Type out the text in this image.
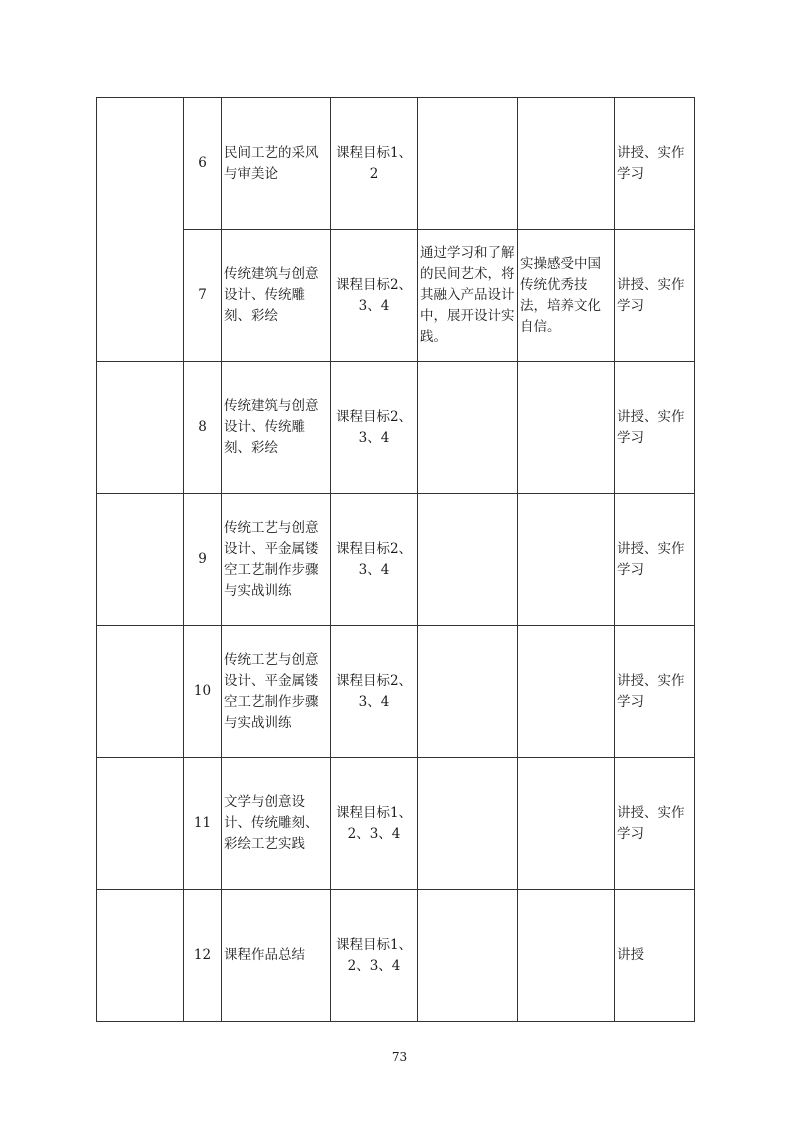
	6	民间工艺的采风与审美论	课程目标1、2			讲授、实作学习
	7	传统建筑与创意设计、传统雕刻、彩绘	课程目标2、3、4	通过学习和了解的民间艺术，将其融入产品设计中，展开设计实践。	实操感受中国传统优秀技法，培养文化自信。	讲授、实作学习
	8	传统建筑与创意设计、传统雕刻、彩绘	课程目标2、3、4			讲授、实作学习
	9	传统工艺与创意设计、平金属镂空工艺制作步骤与实战训练	课程目标2、3、4			讲授、实作学习
	10	传统工艺与创意设计、平金属镂空工艺制作步骤与实战训练	课程目标2、3、4			讲授、实作学习
	11	文学与创意设计、传统雕刻、彩绘工艺实践	课程目标1、2、3、4			讲授、实作学习
	12	课程作品总结	课程目标1、2、3、4			讲授
73
